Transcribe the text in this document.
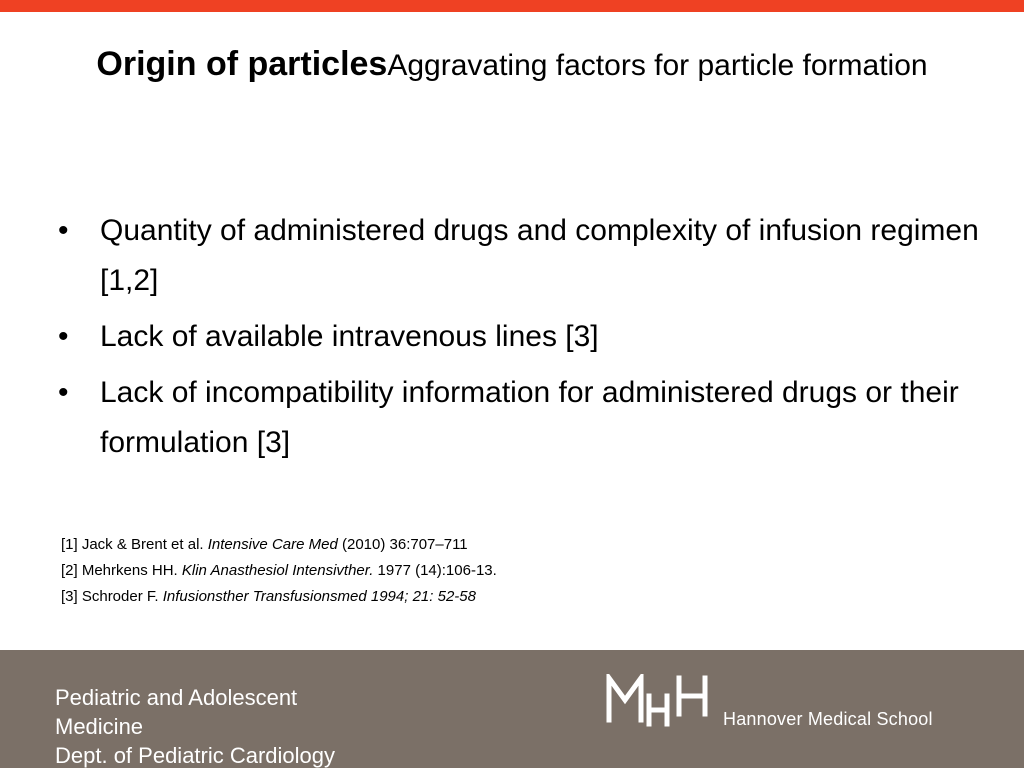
Origin of particlesAggravating factors for particle formation
• Quantity of administered drugs and complexity of infusion regimen [1,2]
• Lack of available intravenous lines [3]
• Lack of incompatibility information for administered drugs or their formulation [3]
[1] Jack & Brent et al. Intensive Care Med (2010) 36:707–711
[2] Mehrkens HH. Klin Anasthesiol Intensivther. 1977 (14):106-13.
[3] Schroder F. Infusionsther Transfusionsmed 1994; 21: 52-58
Pediatric and Adolescent
Medicine
Dept. of Pediatric Cardiology
Hannover Medical School
